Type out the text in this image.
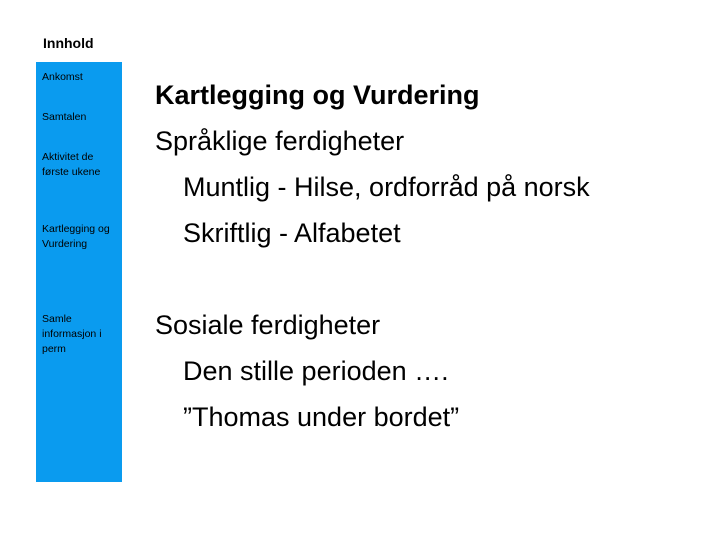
Innhold
Ankomst
Samtalen
Aktivitet de første ukene
Kartlegging og Vurdering
Samle informasjon i perm
Kartlegging og Vurdering
Språklige ferdigheter
Muntlig - Hilse, ordforråd på norsk
Skriftlig - Alfabetet
Sosiale ferdigheter
Den stille perioden ….
”Thomas under bordet”
